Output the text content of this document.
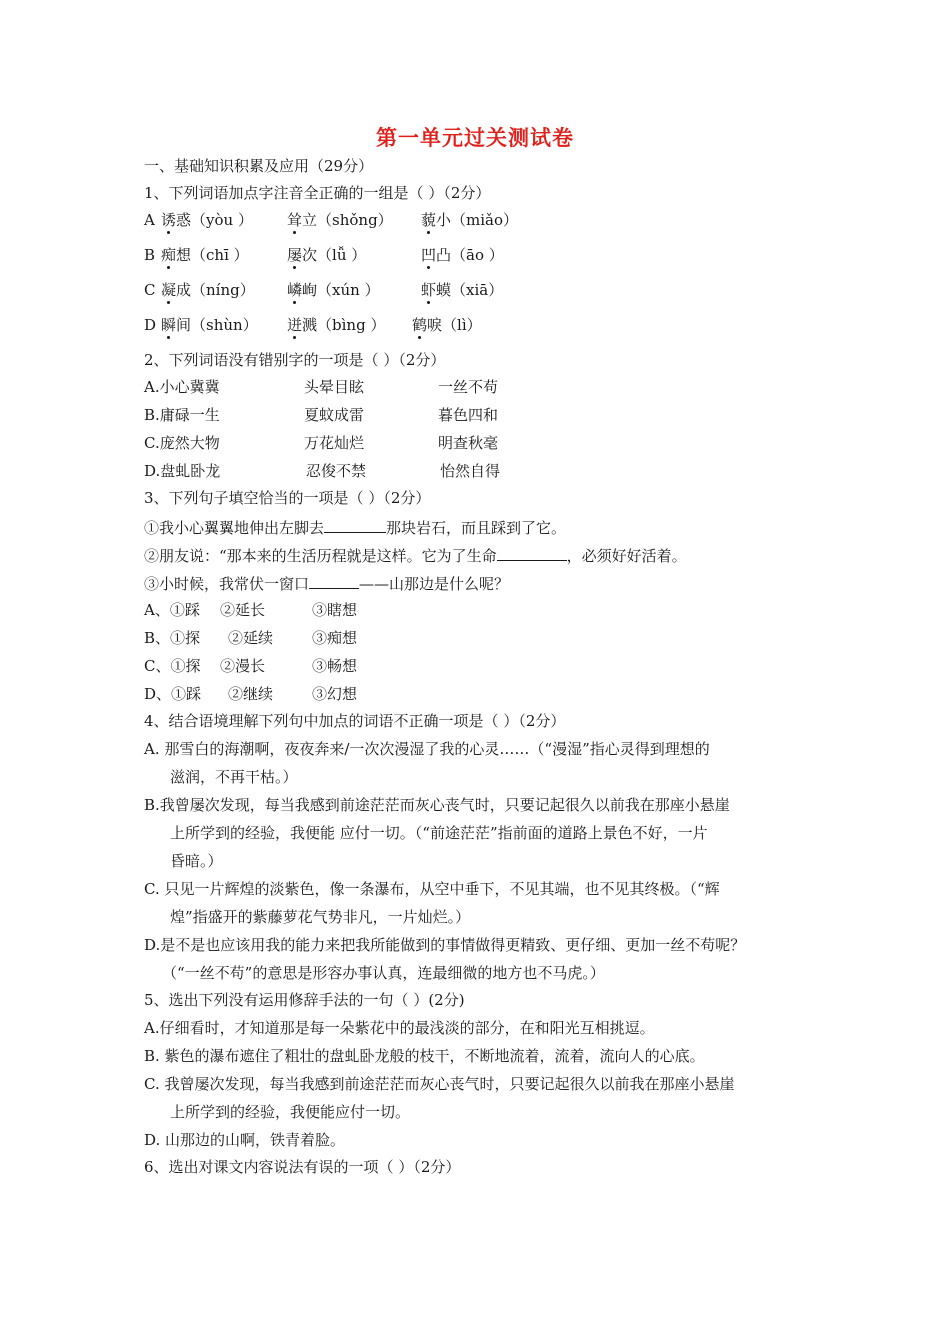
第一单元过关测试卷
一、基础知识积累及应用（29分）
1、下列词语加点字注音全正确的一组是（ ）（2分）
A 诱惑（yòu ） 耸立（shǒng） 藐小（miǎo）
B 痴想（chī ）	屡次（lǚ ）	凹凸（āo ）
C 凝成（níng） 嶙峋（xún ）	虾蟆（xiā）
D 瞬间（shùn） 迸溅（bìng ） 鹤唳（lì）
2、下列词语没有错别字的一项是（ ）（2分）
A.小心冀冀	头晕目眩	一丝不苟
B.庸碌一生	夏蚊成雷	暮色四和
C.庞然大物	万花灿烂	明查秋毫
D.盘虬卧龙	忍俊不禁	怡然自得
3、下列句子填空恰当的一项是（ ）（2分）
①我小心翼翼地伸出左脚去	那块岩石，而且踩到了它。
②朋友说：“那本来的生活历程就是这样。它为了生命	，必须好好活着。
③小时候，我常伏一窗口	——山那边是什么呢？
A、①踩 ②延长	③瞎想
B、①探 ②延续	③痴想
C、①探 ②漫长	③畅想
D、①踩 ②继续	③幻想
4、结合语境理解下列句中加点的词语不正确一项是（ ）（2分）
A. 那雪白的海潮啊，夜夜奔来/一次次漫湿了我的心灵……（“漫湿”指心灵得到理想的
滋润，不再干枯。）
B.我曾屡次发现，每当我感到前途茫茫而灰心丧气时，只要记起很久以前我在那座小悬崖
上所学到的经验，我便能 应付一切。（“前途茫茫”指前面的道路上景色不好，一片
昏暗。）
C. 只见一片辉煌的淡紫色，像一条瀑布，从空中垂下，不见其端，也不见其终极。（“辉
煌”指盛开的紫藤萝花气势非凡，一片灿烂。）
D.是不是也应该用我的能力来把我所能做到的事情做得更精致、更仔细、更加一丝不苟呢？
（“一丝不苟”的意思是形容办事认真，连最细微的地方也不马虎。）
5、选出下列没有运用修辞手法的一句（ ）(2分)
A.仔细看时，才知道那是每一朵紫花中的最浅淡的部分，在和阳光互相挑逗。
B. 紫色的瀑布遮住了粗壮的盘虬卧龙般的枝干，不断地流着，流着，流向人的心底。
C. 我曾屡次发现，每当我感到前途茫茫而灰心丧气时，只要记起很久以前我在那座小悬崖
上所学到的经验，我便能应付一切。
D. 山那边的山啊，铁青着脸。
6、选出对课文内容说法有误的一项（ ）（2分）
